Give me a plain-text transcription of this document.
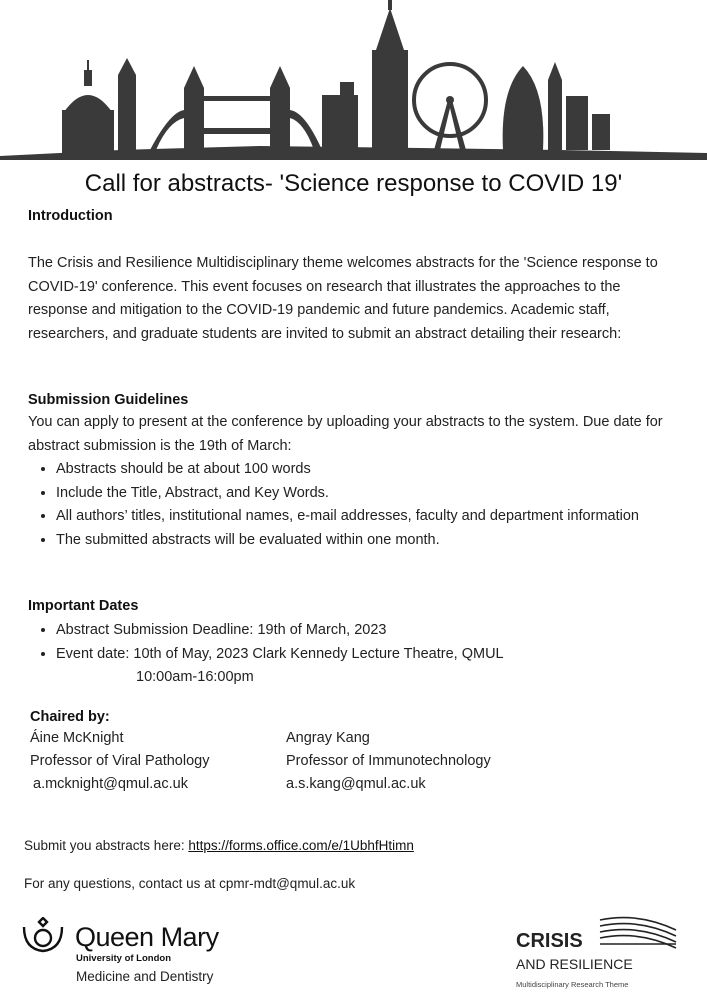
Call for abstracts- 'Science response to COVID 19'
Introduction

The Crisis and Resilience Multidisciplinary theme welcomes abstracts for the 'Science response to COVID-19' conference. This event focuses on research that illustrates the approaches to the response and mitigation to the COVID-19 pandemic and future pandemics. Academic staff, researchers, and graduate students are invited to submit an abstract detailing their research:

Submission Guidelines

You can apply to present at the conference by uploading your abstracts to the system. Due date for abstract submission is the 19th of March:

• Abstracts should be at about 100 words
• Include the Title, Abstract, and Key Words.
• All authors’ titles, institutional names, e-mail addresses, faculty and department information
• The submitted abstracts will be evaluated within one month.
Important Dates
• Abstract Submission Deadline: 19th of March, 2023
• Event date: 10th of May, 2023 Clark Kennedy Lecture Theatre, QMUL
10:00am-16:00pm
Chaired by:
Áine McKnight
Professor of Viral Pathology
a.mcknight@qmul.ac.uk
Angray Kang
Professor of Immunotechnology
a.s.kang@qmul.ac.uk
Submit you abstracts here: https://forms.office.com/e/1UbhfHtimn
For any questions, contact us at cpmr-mdt@qmul.ac.uk
Queen Mary
University of London
Medicine and Dentistry
CRISIS
AND RESILIENCE
Multidisciplinary Research Theme
